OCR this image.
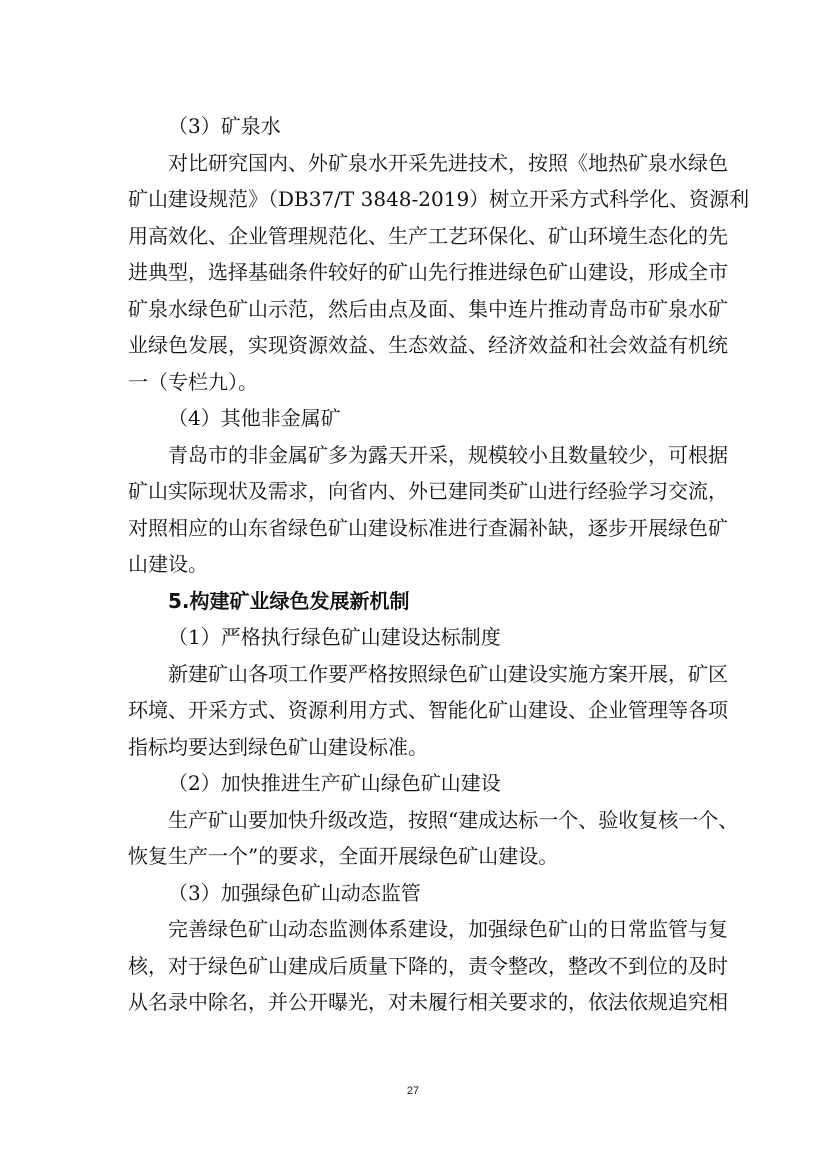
（3）矿泉水
对比研究国内、外矿泉水开采先进技术，按照《地热矿泉水绿色
矿山建设规范》（DB37/T 3848-2019）树立开采方式科学化、资源利
用高效化、企业管理规范化、生产工艺环保化、矿山环境生态化的先
进典型，选择基础条件较好的矿山先行推进绿色矿山建设，形成全市
矿泉水绿色矿山示范，然后由点及面、集中连片推动青岛市矿泉水矿
业绿色发展，实现资源效益、生态效益、经济效益和社会效益有机统
一（专栏九）。
（4）其他非金属矿
青岛市的非金属矿多为露天开采，规模较小且数量较少，可根据
矿山实际现状及需求，向省内、外已建同类矿山进行经验学习交流，
对照相应的山东省绿色矿山建设标准进行查漏补缺，逐步开展绿色矿
山建设。
5.构建矿业绿色发展新机制
（1）严格执行绿色矿山建设达标制度
新建矿山各项工作要严格按照绿色矿山建设实施方案开展，矿区
环境、开采方式、资源利用方式、智能化矿山建设、企业管理等各项
指标均要达到绿色矿山建设标准。
（2）加快推进生产矿山绿色矿山建设
生产矿山要加快升级改造，按照“建成达标一个、验收复核一个、
恢复生产一个”的要求，全面开展绿色矿山建设。
（3）加强绿色矿山动态监管
完善绿色矿山动态监测体系建设，加强绿色矿山的日常监管与复
核，对于绿色矿山建成后质量下降的，责令整改，整改不到位的及时
从名录中除名，并公开曝光，对未履行相关要求的，依法依规追究相
27
